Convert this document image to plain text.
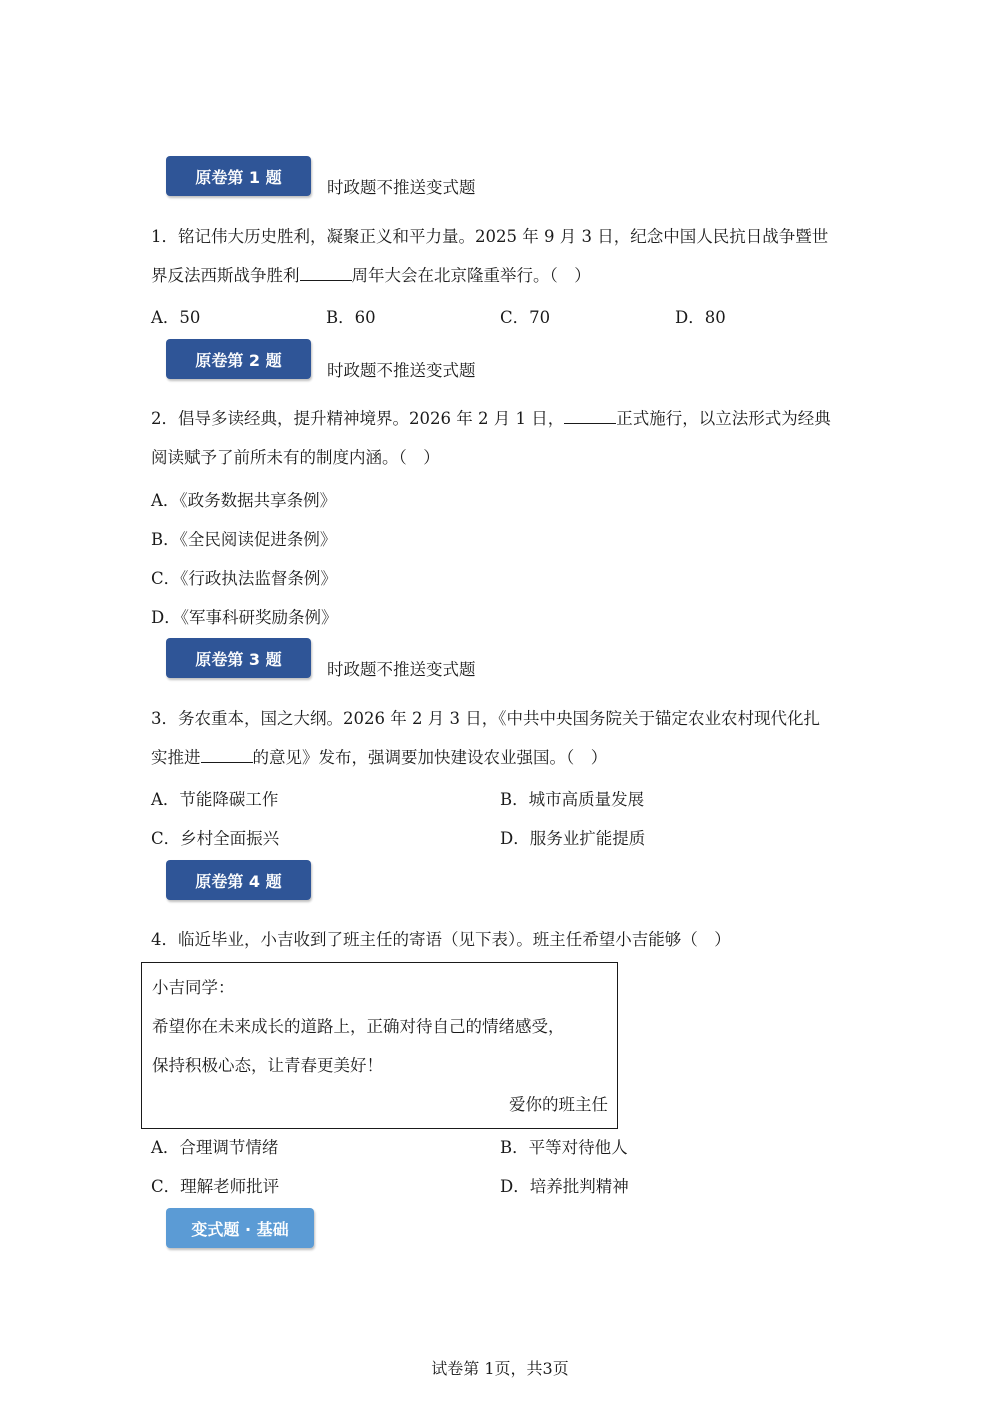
原卷第 1 题
时政题不推送变式题
1．铭记伟大历史胜利，凝聚正义和平力量。2025 年 9 月 3 日，纪念中国人民抗日战争暨世
界反法西斯战争胜利	周年大会在北京隆重举行。（　）
A．50	B．60	C．70	D．80
原卷第 2 题
时政题不推送变式题
2．倡导多读经典，提升精神境界。2026 年 2 月 1 日，	正式施行，以立法形式为经典
阅读赋予了前所未有的制度内涵。（　）
A．《政务数据共享条例》
B．《全民阅读促进条例》
C．《行政执法监督条例》
D．《军事科研奖励条例》
原卷第 3 题
时政题不推送变式题
3．务农重本，国之大纲。2026 年 2 月 3 日，《中共中央国务院关于锚定农业农村现代化扎
实推进	的意见》发布，强调要加快建设农业强国。（　）
A．节能降碳工作	B．城市高质量发展
C．乡村全面振兴	D．服务业扩能提质
原卷第 4 题
4．临近毕业，小吉收到了班主任的寄语（见下表）。班主任希望小吉能够（　）
小吉同学：
希望你在未来成长的道路上，正确对待自己的情绪感受，
保持积极心态，让青春更美好！
爱你的班主任
A．合理调节情绪	B．平等对待他人
C．理解老师批评	D．培养批判精神
变式题 · 基础
试卷第 1页，共3页
